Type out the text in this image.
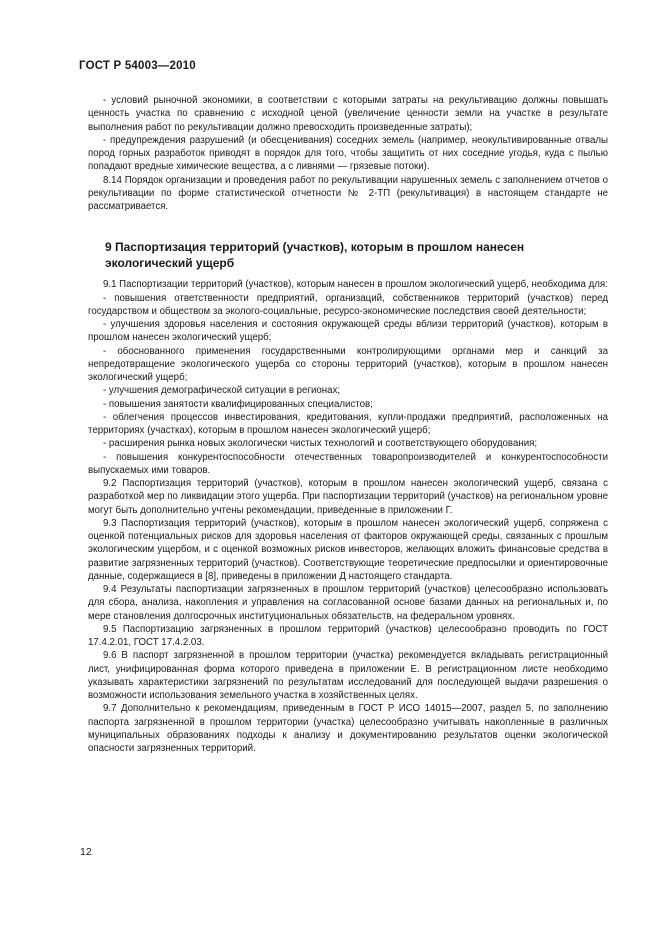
ГОСТ Р 54003—2010

- условий рыночной экономики, в соответствии с которыми затраты на рекультивацию должны повышать ценность участка по сравнению с исходной ценой (увеличение ценности земли на участке в результате выполнения работ по рекультивации должно превосходить произведенные затраты);

- предупреждения разрушений (и обесценивания) соседних земель (например, неокультивированные отвалы пород горных разработок приводят в порядок для того, чтобы защитить от них соседние угодья, куда с пылью попадают вредные химические вещества, а с ливнями — грязевые потоки).

8.14 Порядок организации и проведения работ по рекультивации нарушенных земель с заполнением отчетов о рекультивации по форме статистической отчетности № 2-ТП (рекультивация) в настоящем стандарте не рассматривается.

9 Паспортизация территорий (участков), которым в прошлом нанесен экологический ущерб

9.1 Паспортизации территорий (участков), которым нанесен в прошлом экологический ущерб, необходима для:

- повышения ответственности предприятий, организаций, собственников территорий (участков) перед государством и обществом за эколого-социальные, ресурсо-экономические последствия своей деятельности;

- улучшения здоровья населения и состояния окружающей среды вблизи территорий (участков), которым в прошлом нанесен экологический ущерб;

- обоснованного применения государственными контролирующими органами мер и санкций за непредотвращение экологического ущерба со стороны территорий (участков), которым в прошлом нанесен экологический ущерб;

- улучшения демографической ситуации в регионах;

- повышения занятости квалифицированных специалистов;

- облегчения процессов инвестирования, кредитования, купли-продажи предприятий, расположенных на территориях (участках), которым в прошлом нанесен экологический ущерб;

- расширения рынка новых экологически чистых технологий и соответствующего оборудования;

- повышения конкурентоспособности отечественных товаропроизводителей и конкурентоспособности выпускаемых ими товаров.

9.2 Паспортизация территорий (участков), которым в прошлом нанесен экологический ущерб, связана с разработкой мер по ликвидации этого ущерба. При паспортизации территорий (участков) на региональном уровне могут быть дополнительно учтены рекомендации, приведенные в приложении Г.

9.3 Паспортизация территорий (участков), которым в прошлом нанесен экологический ущерб, сопряжена с оценкой потенциальных рисков для здоровья населения от факторов окружающей среды, связанных с прошлым экологическим ущербом, и с оценкой возможных рисков инвесторов, желающих вложить финансовые средства в развитие загрязненных территорий (участков). Соответствующие теоретические предпосылки и ориентировочные данные, содержащиеся в [8], приведены в приложении Д настоящего стандарта.

9.4 Результаты паспортизации загрязненных в прошлом территорий (участков) целесообразно использовать для сбора, анализа, накопления и управления на согласованной основе базами данных на региональных и, по мере становления долгосрочных институциональных обязательств, на федеральном уровнях.

9.5 Паспортизацию загрязненных в прошлом территорий (участков) целесообразно проводить по ГОСТ 17.4.2.01, ГОСТ 17.4.2.03.

9.6 В паспорт загрязненной в прошлом территории (участка) рекомендуется вкладывать регистрационный лист, унифицированная форма которого приведена в приложении Е. В регистрационном листе необходимо указывать характеристики загрязнений по результатам исследований для последующей выдачи разрешения о возможности использования земельного участка в хозяйственных целях.

9.7 Дополнительно к рекомендациям, приведенным в ГОСТ Р ИСО 14015—2007, раздел 5, по заполнению паспорта загрязненной в прошлом территории (участка) целесообразно учитывать накопленные в различных муниципальных образованиях подходы к анализу и документированию результатов оценки экологической опасности загрязненных территорий.

12
